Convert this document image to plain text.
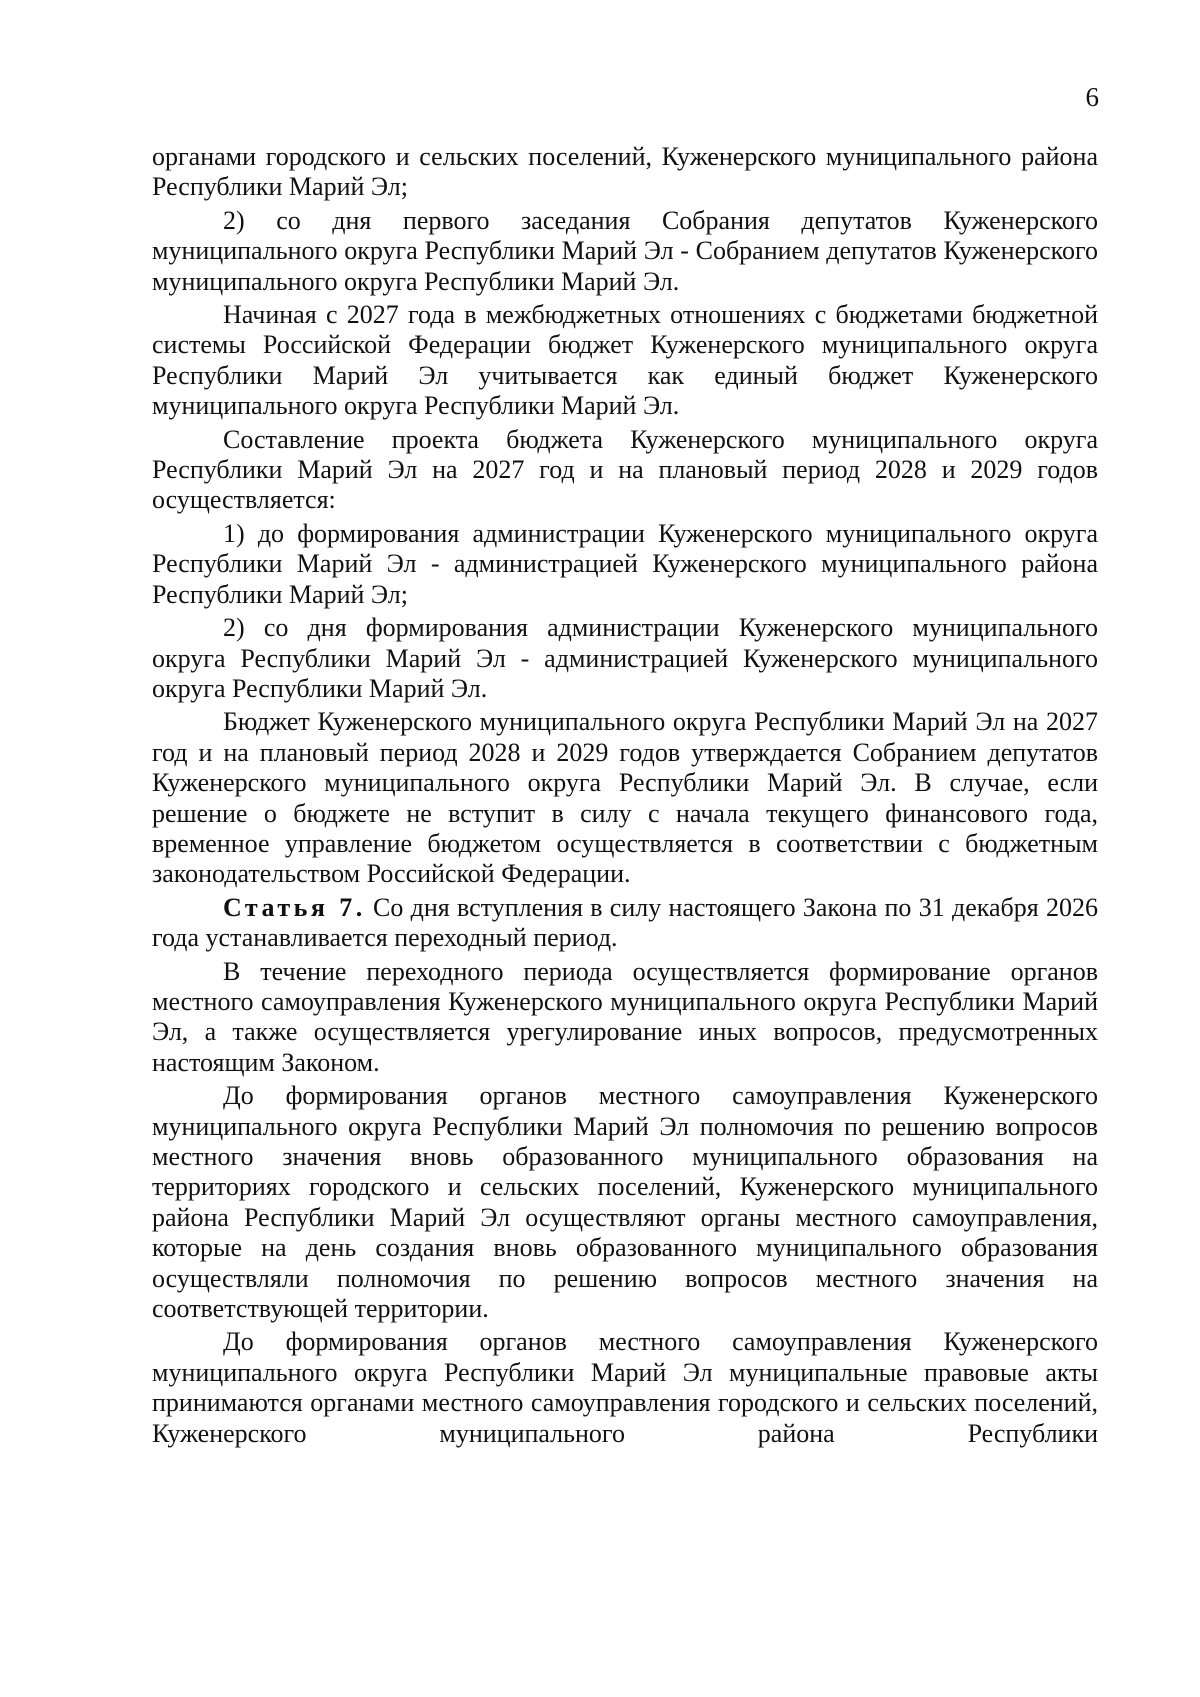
6

органами городского и сельских поселений, Куженерского муниципального района Республики Марий Эл;

2) со дня первого заседания Собрания депутатов Куженерского муниципального округа Республики Марий Эл - Собранием депутатов Куженерского муниципального округа Республики Марий Эл.

Начиная с 2027 года в межбюджетных отношениях с бюджетами бюджетной системы Российской Федерации бюджет Куженерского муниципального округа Республики Марий Эл учитывается как единый бюджет Куженерского муниципального округа Республики Марий Эл.

Составление проекта бюджета Куженерского муниципального округа Республики Марий Эл на 2027 год и на плановый период 2028 и 2029 годов осуществляется:

1) до формирования администрации Куженерского муниципального округа Республики Марий Эл - администрацией Куженерского муниципального района Республики Марий Эл;

2) со дня формирования администрации Куженерского муниципального округа Республики Марий Эл - администрацией Куженерского муниципального округа Республики Марий Эл.

Бюджет Куженерского муниципального округа Республики Марий Эл на 2027 год и на плановый период 2028 и 2029 годов утверждается Собранием депутатов Куженерского муниципального округа Республики Марий Эл. В случае, если решение о бюджете не вступит в силу с начала текущего финансового года, временное управление бюджетом осуществляется в соответствии с бюджетным законодательством Российской Федерации.

Статья 7. Со дня вступления в силу настоящего Закона по 31 декабря 2026 года устанавливается переходный период.

В течение переходного периода осуществляется формирование органов местного самоуправления Куженерского муниципального округа Республики Марий Эл, а также осуществляется урегулирование иных вопросов, предусмотренных настоящим Законом.

До формирования органов местного самоуправления Куженерского муниципального округа Республики Марий Эл полномочия по решению вопросов местного значения вновь образованного муниципального образования на территориях городского и сельских поселений, Куженерского муниципального района Республики Марий Эл осуществляют органы местного самоуправления, которые на день создания вновь образованного муниципального образования осуществляли полномочия по решению вопросов местного значения на соответствующей территории.

До формирования органов местного самоуправления Куженерского муниципального округа Республики Марий Эл муниципальные правовые акты принимаются органами местного самоуправления городского и сельских поселений, Куженерского муниципального района Республики
